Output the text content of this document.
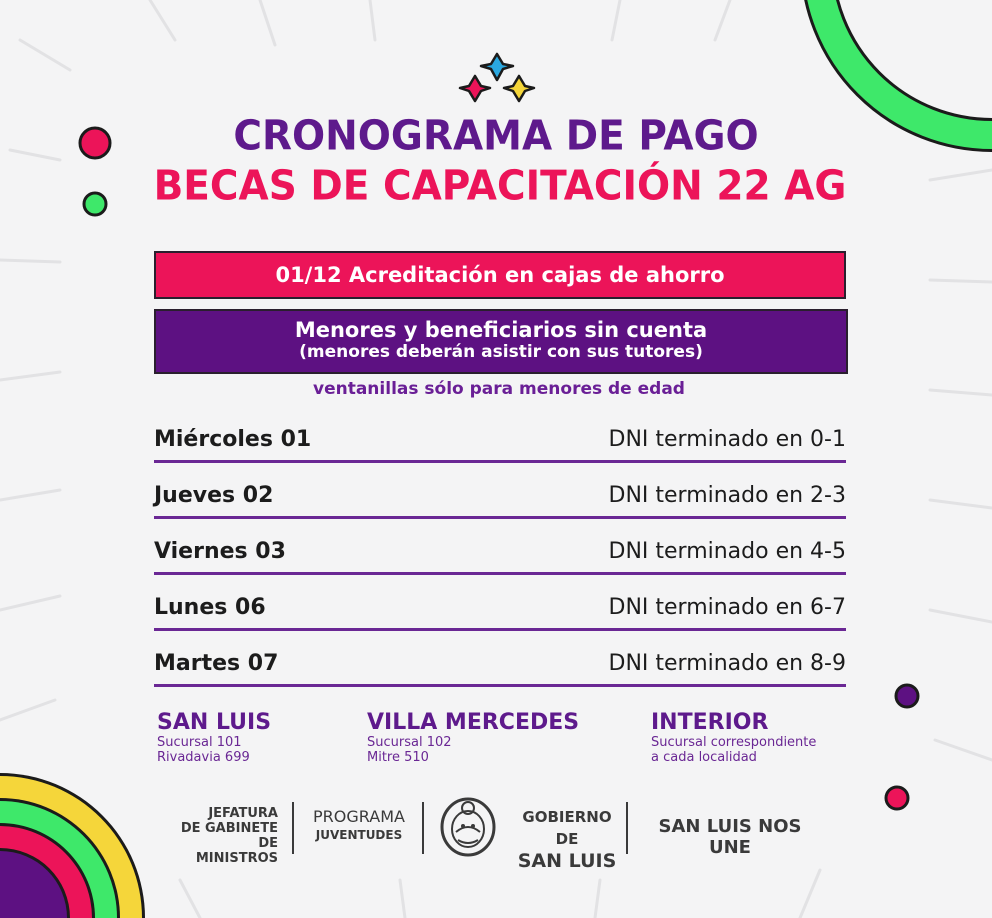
CRONOGRAMA DE PAGO
BECAS DE CAPACITACIÓN 22 AG
01/12 Acreditación en cajas de ahorro
Menores y beneficiarios sin cuenta
(menores deberán asistir con sus tutores)
ventanillas sólo para menores de edad
Miércoles 01	DNI terminado en 0-1
Jueves 02	DNI terminado en 2-3
Viernes 03	DNI terminado en 4-5
Lunes 06	DNI terminado en 6-7
Martes 07	DNI terminado en 8-9
SAN LUIS
Sucursal 101
Rivadavia 699
VILLA MERCEDES
Sucursal 102
Mitre 510
INTERIOR
Sucursal correspondiente
a cada localidad
JEFATURA
DE GABINETE
DE MINISTROS
PROGRAMA
JUVENTUDES
GOBIERNO DE
SAN LUIS
SAN LUIS NOS UNE
